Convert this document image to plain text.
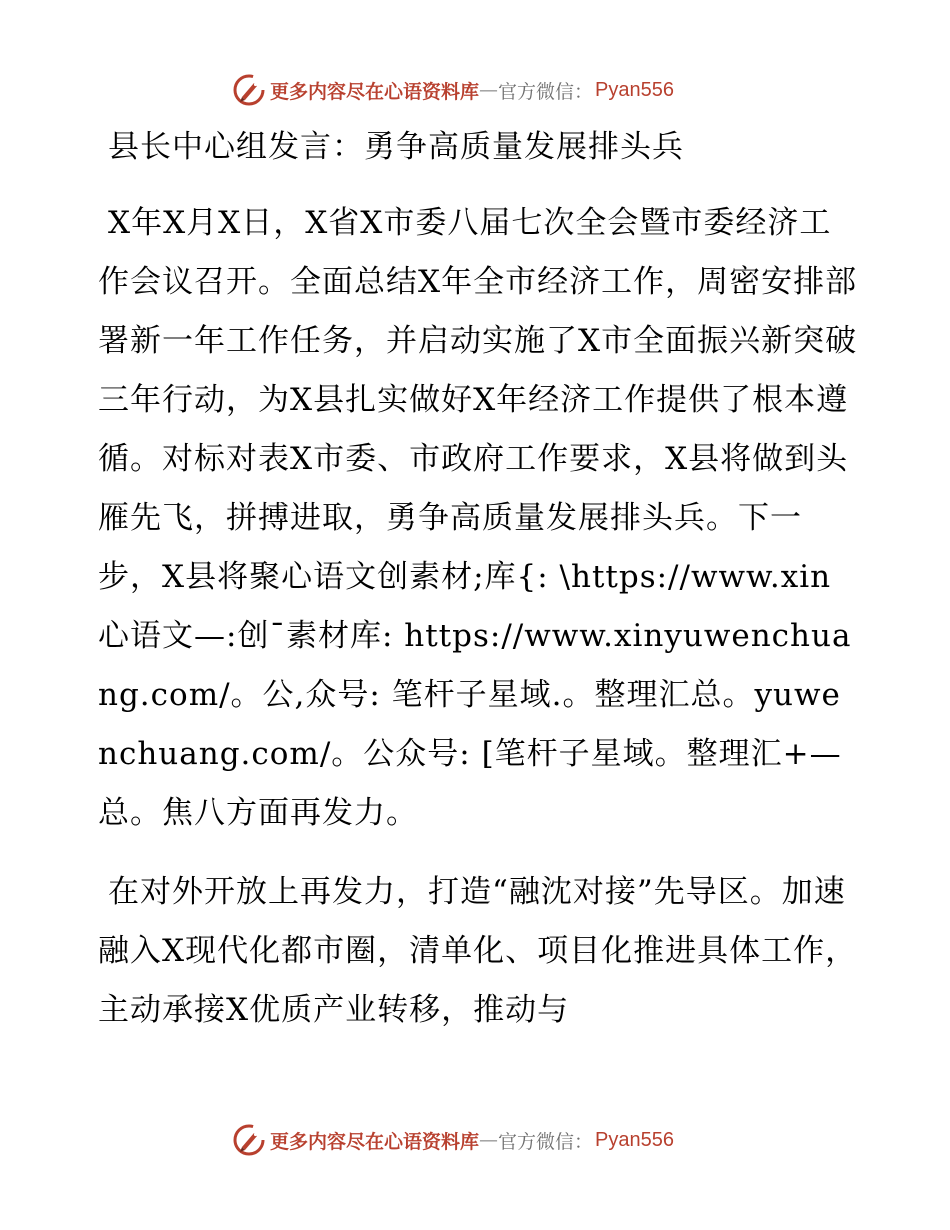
更多内容尽在心语资料库 — 官方微信： Pyan556
县长中心组发言：勇争高质量发展排头兵

X年X月X日，X省X市委八届七次全会暨市委经济工作会议召开。全面总结X年全市经济工作，周密安排部署新一年工作任务，并启动实施了X市全面振兴新突破三年行动，为X县扎实做好X年经济工作提供了根本遵循。对标对表X市委、市政府工作要求，X县将做到头雁先飞，拼搏进取，勇争高质量发展排头兵。下一步，X县将聚心语文创素材;库{: \https://www.xin心语文—:创¯素材库: https://www.xinyuwenchuang.com/。公,众号: 笔杆子星域.。整理汇总。yuwenchuang.com/。公众号: [笔杆子星域。整理汇+—总。焦八方面再发力。

在对外开放上再发力，打造“融沈对接”先导区。加速融入X现代化都市圈，清单化、项目化推进具体工作，主动承接X优质产业转移，推动与

更多内容尽在心语资料库 — 官方微信： Pyan556
